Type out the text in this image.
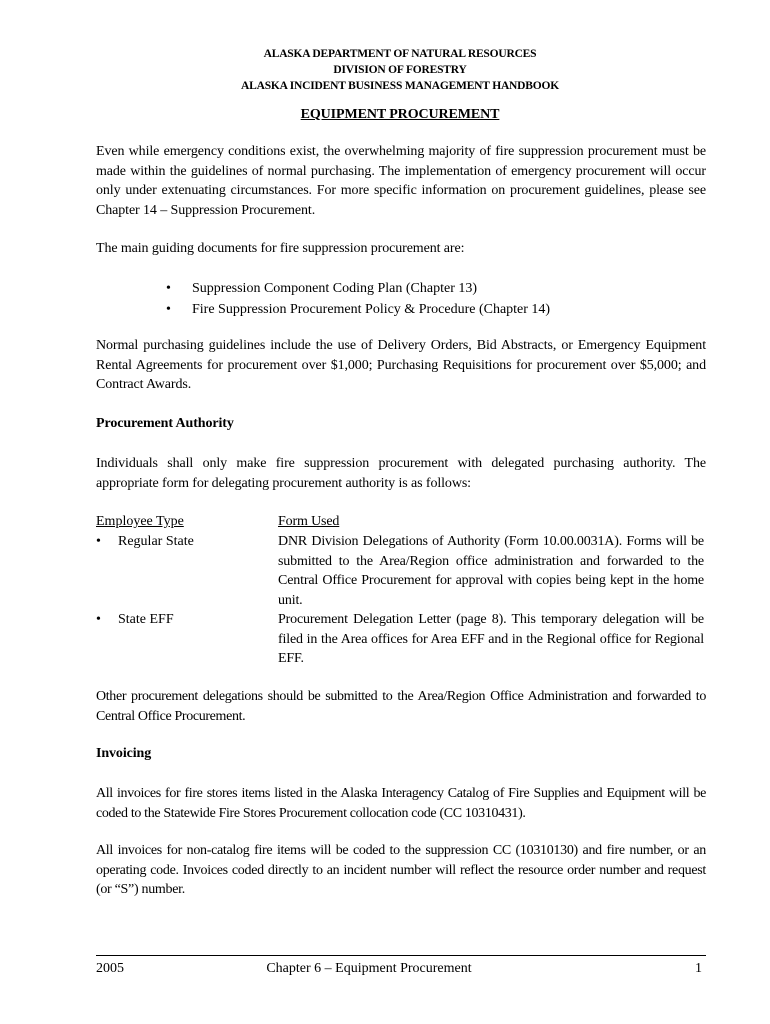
ALASKA DEPARTMENT OF NATURAL RESOURCES
DIVISION OF FORESTRY
ALASKA INCIDENT BUSINESS MANAGEMENT HANDBOOK
EQUIPMENT PROCUREMENT

Even while emergency conditions exist, the overwhelming majority of fire suppression procurement must be made within the guidelines of normal purchasing. The implementation of emergency procurement will occur only under extenuating circumstances. For more specific information on procurement guidelines, please see Chapter 14 – Suppression Procurement.

The main guiding documents for fire suppression procurement are:

• Suppression Component Coding Plan (Chapter 13)
• Fire Suppression Procurement Policy & Procedure (Chapter 14)

Normal purchasing guidelines include the use of Delivery Orders, Bid Abstracts, or Emergency Equipment Rental Agreements for procurement over $1,000; Purchasing Requisitions for procurement over $5,000; and Contract Awards.

Procurement Authority

Individuals shall only make fire suppression procurement with delegated purchasing authority. The appropriate form for delegating procurement authority is as follows:

Employee Type	Form Used
• Regular State	DNR Division Delegations of Authority (Form 10.00.0031A). Forms will be submitted to the Area/Region office administration and forwarded to the Central Office Procurement for approval with copies being kept in the home unit.
• State EFF	Procurement Delegation Letter (page 8). This temporary delegation will be filed in the Area offices for Area EFF and in the Regional office for Regional EFF.

Other procurement delegations should be submitted to the Area/Region Office Administration and forwarded to Central Office Procurement.

Invoicing

All invoices for fire stores items listed in the Alaska Interagency Catalog of Fire Supplies and Equipment will be coded to the Statewide Fire Stores Procurement collocation code (CC 10310431).

All invoices for non-catalog fire items will be coded to the suppression CC (10310130) and fire number, or an operating code. Invoices coded directly to an incident number will reflect the resource order number and request (or “S”) number.

2005	Chapter 6 – Equipment Procurement	1
